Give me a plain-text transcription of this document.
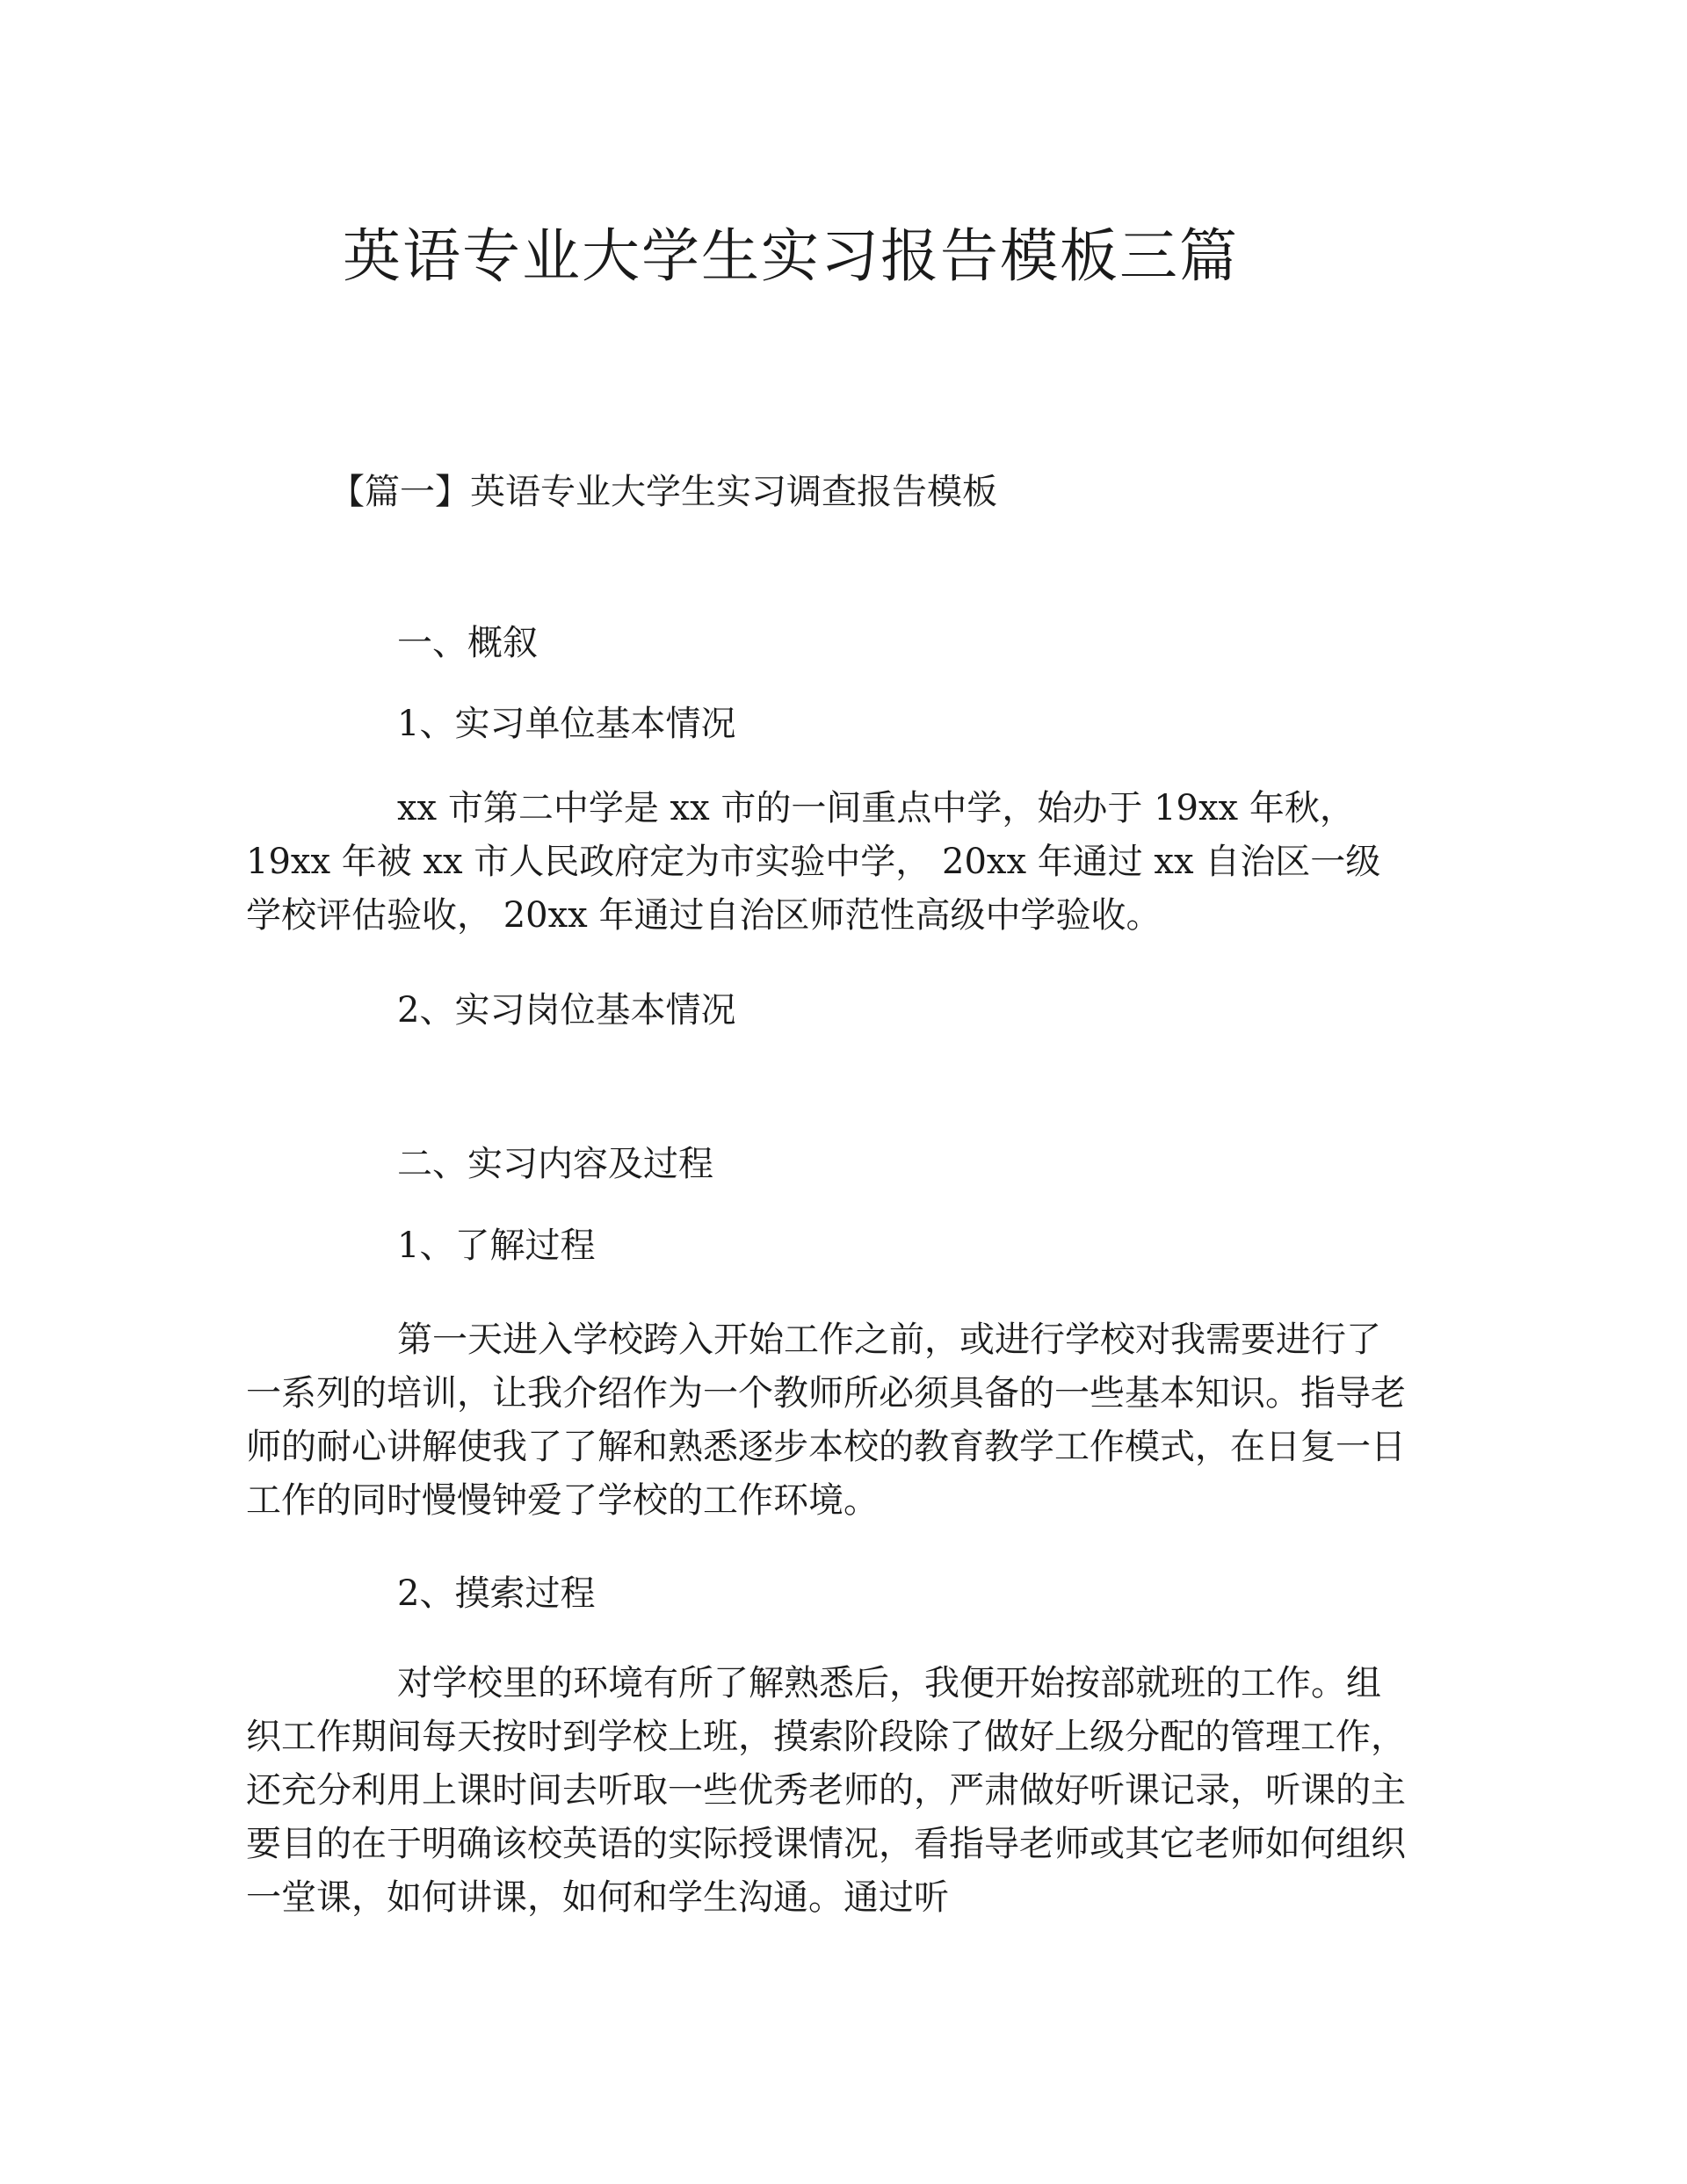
英语专业大学生实习报告模板三篇
【篇一】英语专业大学生实习调查报告模板
一、概叙
1、实习单位基本情况

xx 市第二中学是 xx 市的一间重点中学，始办于 19xx 年秋， 19xx 年被 xx 市人民政府定为市实验中学， 20xx 年通过 xx 自治区一级学校评估验收， 20xx 年通过自治区师范性高级中学验收。

2、实习岗位基本情况
二、实习内容及过程
1、了解过程

第一天进入学校跨入开始工作之前，或进行学校对我需要进行了一系列的培训，让我介绍作为一个教师所必须具备的一些基本知识。指导老师的耐心讲解使我了了解和熟悉逐步本校的教育教学工作模式，在日复一日工作的同时慢慢钟爱了学校的工作环境。

2、摸索过程

对学校里的环境有所了解熟悉后，我便开始按部就班的工作。组织工作期间每天按时到学校上班，摸索阶段除了做好上级分配的管理工作，还充分利用上课时间去听取一些优秀老师的，严肃做好听课记录，听课的主要目的在于明确该校英语的实际授课情况，看指导老师或其它老师如何组织一堂课，如何讲课，如何和学生沟通。通过听
